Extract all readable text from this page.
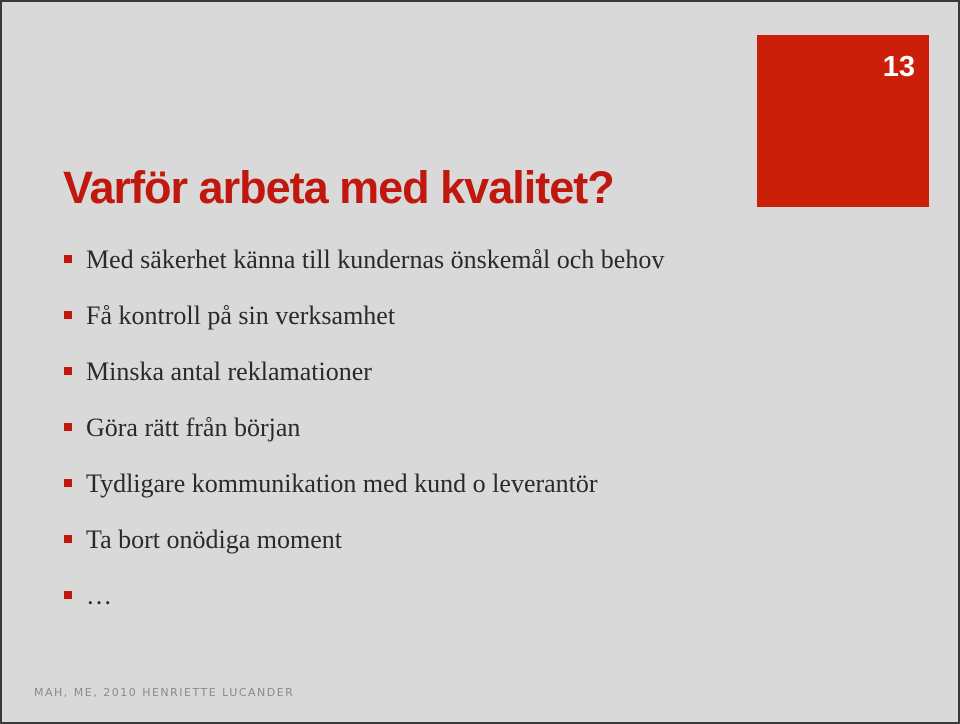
13
Varför arbeta med kvalitet?
Med säkerhet känna till kundernas önskemål och behov
Få kontroll på sin verksamhet
Minska antal reklamationer
Göra rätt från början
Tydligare kommunikation med kund o leverantör
Ta bort onödiga moment
…
MAH, ME, 2010 HENRIETTE LUCANDER
